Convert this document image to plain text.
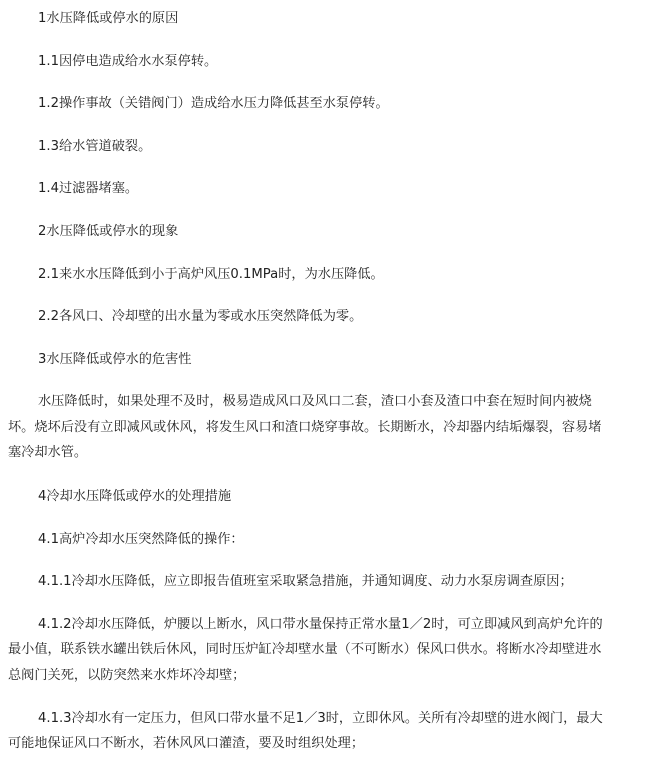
1水压降低或停水的原因

1.1因停电造成给水水泵停转。

1.2操作事故（关错阀门）造成给水压力降低甚至水泵停转。

1.3给水管道破裂。

1.4过滤器堵塞。

2水压降低或停水的现象

2.1来水水压降低到小于高炉风压0.1MPa时，为水压降低。

2.2各风口、冷却壁的出水量为零或水压突然降低为零。

3水压降低或停水的危害性

水压降低时，如果处理不及时，极易造成风口及风口二套，渣口小套及渣口中套在短时间内被烧

坏。烧坏后没有立即减风或休风，将发生风口和渣口烧穿事故。长期断水，冷却器内结垢爆裂，容易堵

塞冷却水管。

4冷却水压降低或停水的处理措施

4.1高炉冷却水压突然降低的操作：

4.1.1冷却水压降低，应立即报告值班室采取紧急措施，并通知调度、动力水泵房调查原因；

4.1.2冷却水压降低，炉腰以上断水，风口带水量保持正常水量1／2时，可立即减风到高炉允许的

最小值，联系铁水罐出铁后休风，同时压炉缸冷却壁水量（不可断水）保风口供水。将断水冷却壁进水

总阀门关死，以防突然来水炸坏冷却壁；

4.1.3冷却水有一定压力，但风口带水量不足1／3时，立即休风。关所有冷却壁的进水阀门，最大

可能地保证风口不断水，若休风风口灌渣，要及时组织处理；
